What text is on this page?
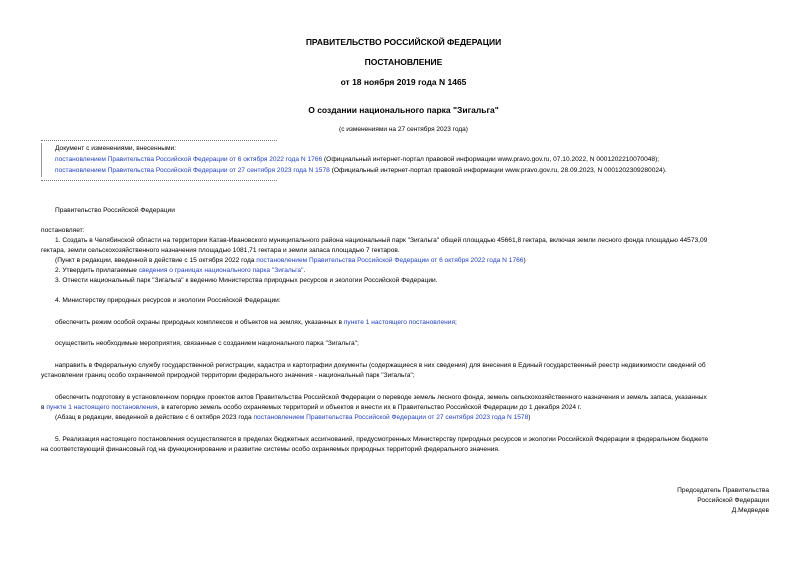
ПРАВИТЕЛЬСТВО РОССИЙСКОЙ ФЕДЕРАЦИИ
ПОСТАНОВЛЕНИЕ
от 18 ноября 2019 года N 1465
О создании национального парка "Зигальга"
(с изменениями на 27 сентября 2023 года)
Документ с изменениями, внесенными:
постановлением Правительства Российской Федерации от 6 октября 2022 года N 1766 (Официальный интернет-портал правовой информации www.pravo.gov.ru, 07.10.2022, N 0001202210070048);
постановлением Правительства Российской Федерации от 27 сентября 2023 года N 1578 (Официальный интернет-портал правовой информации www.pravo.gov.ru, 28.09.2023, N 0001202309280024).
Правительство Российской Федерации
постановляет:
1. Создать в Челябинской области на территории Катав-Ивановского муниципального района национальный парк "Зигальга" общей площадью 45661,8 гектара, включая земли лесного фонда площадью 44573,09
гектара, земли сельскохозяйственного назначения площадью 1081,71 гектара и земли запаса площадью 7 гектаров.
(Пункт в редакции, введенной в действие с 15 октября 2022 года постановлением Правительства Российской Федерации от 6 октября 2022 года N 1766)
2. Утвердить прилагаемые сведения о границах национального парка "Зигальга".
3. Отнести национальный парк "Зигальга" к ведению Министерства природных ресурсов и экологии Российской Федерации.
4. Министерству природных ресурсов и экологии Российской Федерации:
обеспечить режим особой охраны природных комплексов и объектов на землях, указанных в пункте 1 настоящего постановления;
осуществить необходимые мероприятия, связанные с созданием национального парка "Зигальга";
направить в Федеральную службу государственной регистрации, кадастра и картографии документы (содержащиеся в них сведения) для внесения в Единый государственный реестр недвижимости сведений об
установлении границ особо охраняемой природной территории федерального значения - национальный парк "Зигальга";
обеспечить подготовку в установленном порядке проектов актов Правительства Российской Федерации о переводе земель лесного фонда, земель сельскохозяйственного назначения и земель запаса, указанных
в пункте 1 настоящего постановления, в категорию земель особо охраняемых территорий и объектов и внести их в Правительство Российской Федерации до 1 декабря 2024 г.
(Абзац в редакции, введенной в действие с 6 октября 2023 года постановлением Правительства Российской Федерации от 27 сентября 2023 года N 1578)
5. Реализация настоящего постановления осуществляется в пределах бюджетных ассигнований, предусмотренных Министерству природных ресурсов и экологии Российской Федерации в федеральном бюджете
на соответствующий финансовый год на функционирование и развитие системы особо охраняемых природных территорий федерального значения.
Председатель Правительства
Российской Федерации
Д.Медведев
